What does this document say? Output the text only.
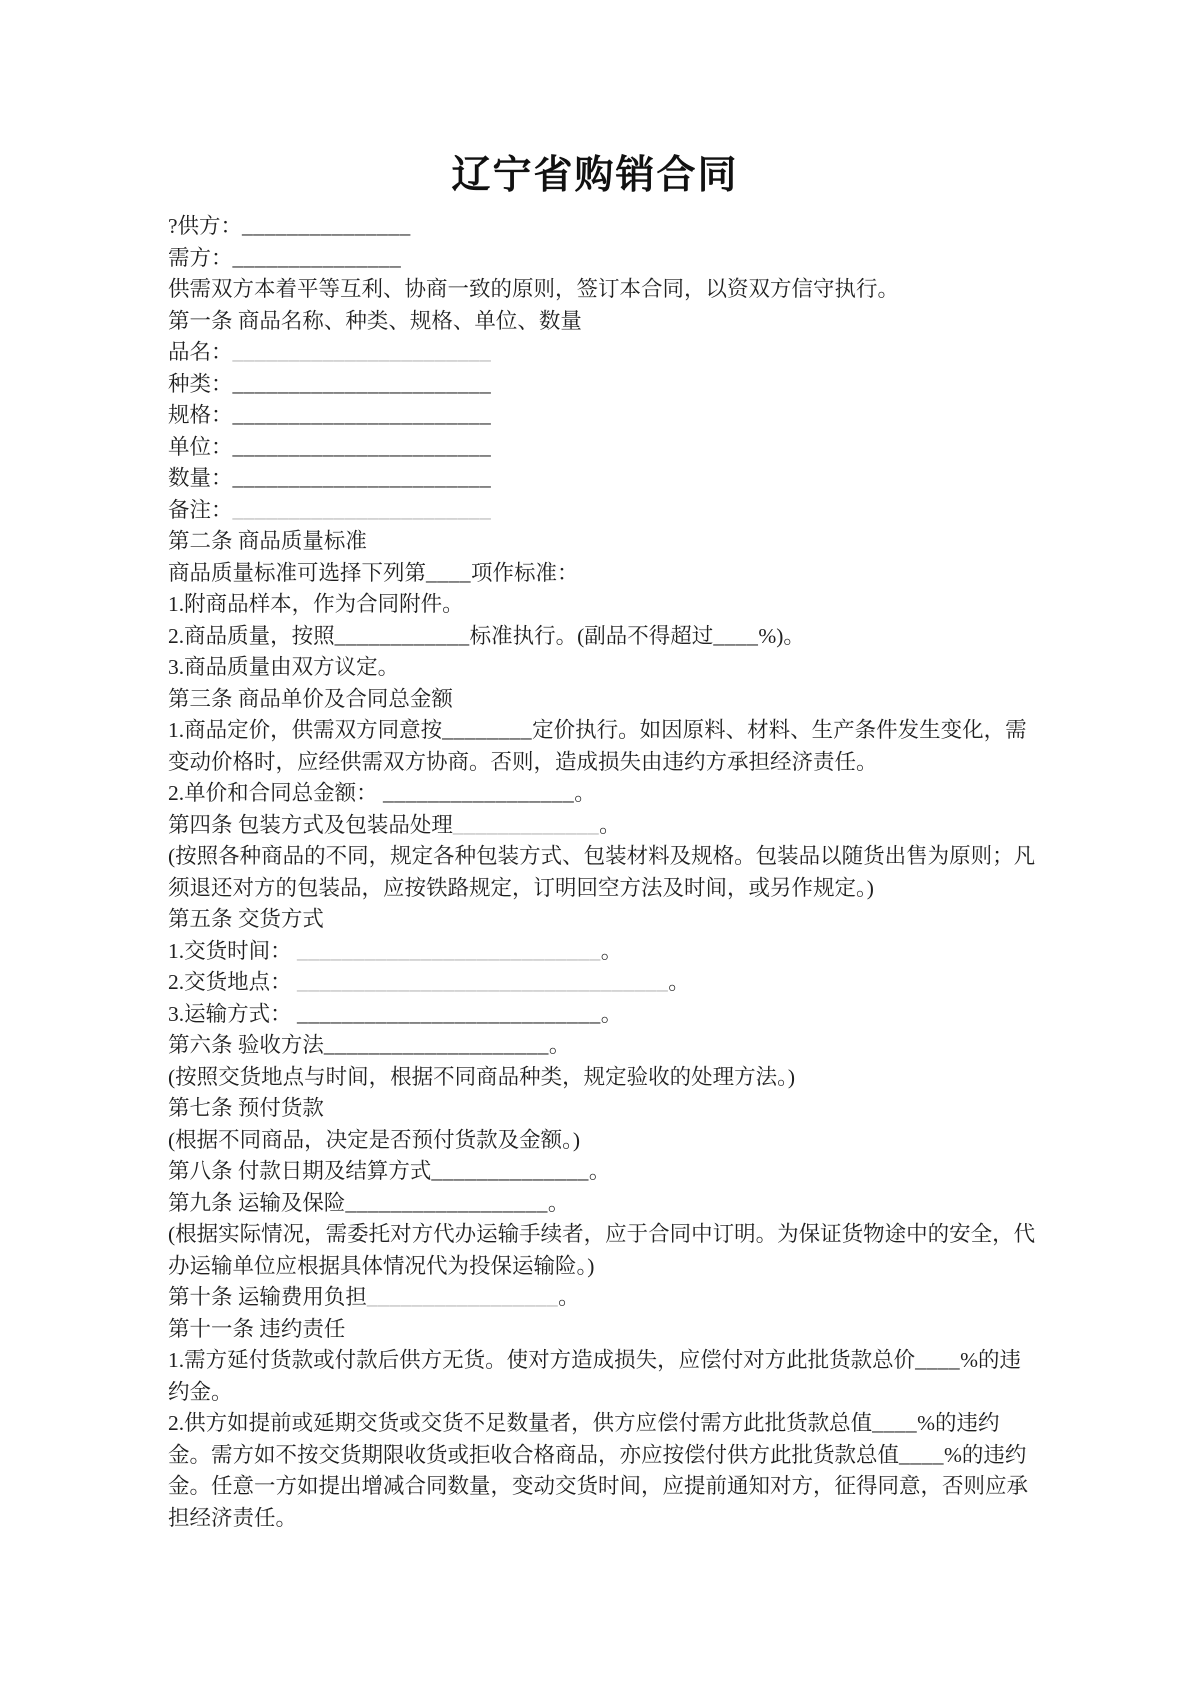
辽宁省购销合同

?供方：_______________

需方：_______________

供需双方本着平等互利、协商一致的原则，签订本合同，以资双方信守执行。

第一条 商品名称、种类、规格、单位、数量

品名：_______________________

种类：_______________________

规格：_______________________

单位：_______________________

数量：_______________________

备注：_______________________

第二条 商品质量标准

商品质量标准可选择下列第____项作标准：

1.附商品样本，作为合同附件。

2.商品质量，按照____________标准执行。(副品不得超过____%)。

3.商品质量由双方议定。

第三条 商品单价及合同总金额

1.商品定价，供需双方同意按________定价执行。如因原料、材料、生产条件发生变化，需变动价格时，应经供需双方协商。否则，造成损失由违约方承担经济责任。

2.单价和合同总金额： _________________。

第四条 包装方式及包装品处理_____________。

(按照各种商品的不同，规定各种包装方式、包装材料及规格。包装品以随货出售为原则；凡须退还对方的包装品，应按铁路规定，订明回空方法及时间，或另作规定。)

第五条 交货方式

1.交货时间： ___________________________。

2.交货地点： _________________________________。

3.运输方式： ___________________________。

第六条 验收方法____________________。

(按照交货地点与时间，根据不同商品种类，规定验收的处理方法。)

第七条 预付货款

(根据不同商品，决定是否预付货款及金额。)

第八条 付款日期及结算方式______________。

第九条 运输及保险__________________。

(根据实际情况，需委托对方代办运输手续者，应于合同中订明。为保证货物途中的安全，代办运输单位应根据具体情况代为投保运输险。)

第十条 运输费用负担_________________。

第十一条 违约责任

1.需方延付货款或付款后供方无货。使对方造成损失，应偿付对方此批货款总价____%的违约金。

2.供方如提前或延期交货或交货不足数量者，供方应偿付需方此批货款总值____%的违约金。需方如不按交货期限收货或拒收合格商品，亦应按偿付供方此批货款总值____%的违约金。任意一方如提出增减合同数量，变动交货时间，应提前通知对方，征得同意，否则应承担经济责任。
